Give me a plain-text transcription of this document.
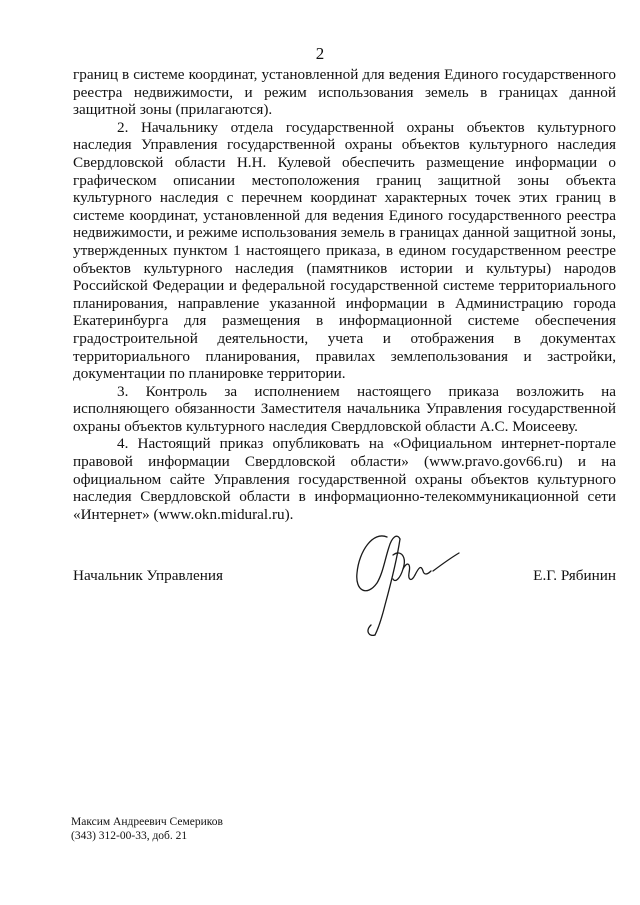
2

границ в системе координат, установленной для ведения Единого государственного реестра недвижимости, и режим использования земель в границах данной защитной зоны (прилагаются).

2. Начальнику отдела государственной охраны объектов культурного наследия Управления государственной охраны объектов культурного наследия Свердловской области Н.Н. Кулевой обеспечить размещение информации о графическом описании местоположения границ защитной зоны объекта культурного наследия с перечнем координат характерных точек этих границ в системе координат, установленной для ведения Единого государственного реестра недвижимости, и режиме использования земель в границах данной защитной зоны, утвержденных пунктом 1 настоящего приказа, в едином государственном реестре объектов культурного наследия (памятников истории и культуры) народов Российской Федерации и федеральной государственной системе территориального планирования, направление указанной информации в Администрацию города Екатеринбурга для размещения в информационной системе обеспечения градостроительной деятельности, учета и отображения в документах территориального планирования, правилах землепользования и застройки, документации по планировке территории.

3. Контроль за исполнением настоящего приказа возложить на исполняющего обязанности Заместителя начальника Управления государственной охраны объектов культурного наследия Свердловской области А.С. Моисееву.

4. Настоящий приказ опубликовать на «Официальном интернет-портале правовой информации Свердловской области» (www.pravo.gov66.ru) и на официальном сайте Управления государственной охраны объектов культурного наследия Свердловской области в информационно-телекоммуникационной сети «Интернет» (www.okn.midural.ru).

Начальник Управления	Е.Г. Рябинин
Максим Андреевич Семериков
(343) 312-00-33, доб. 21
